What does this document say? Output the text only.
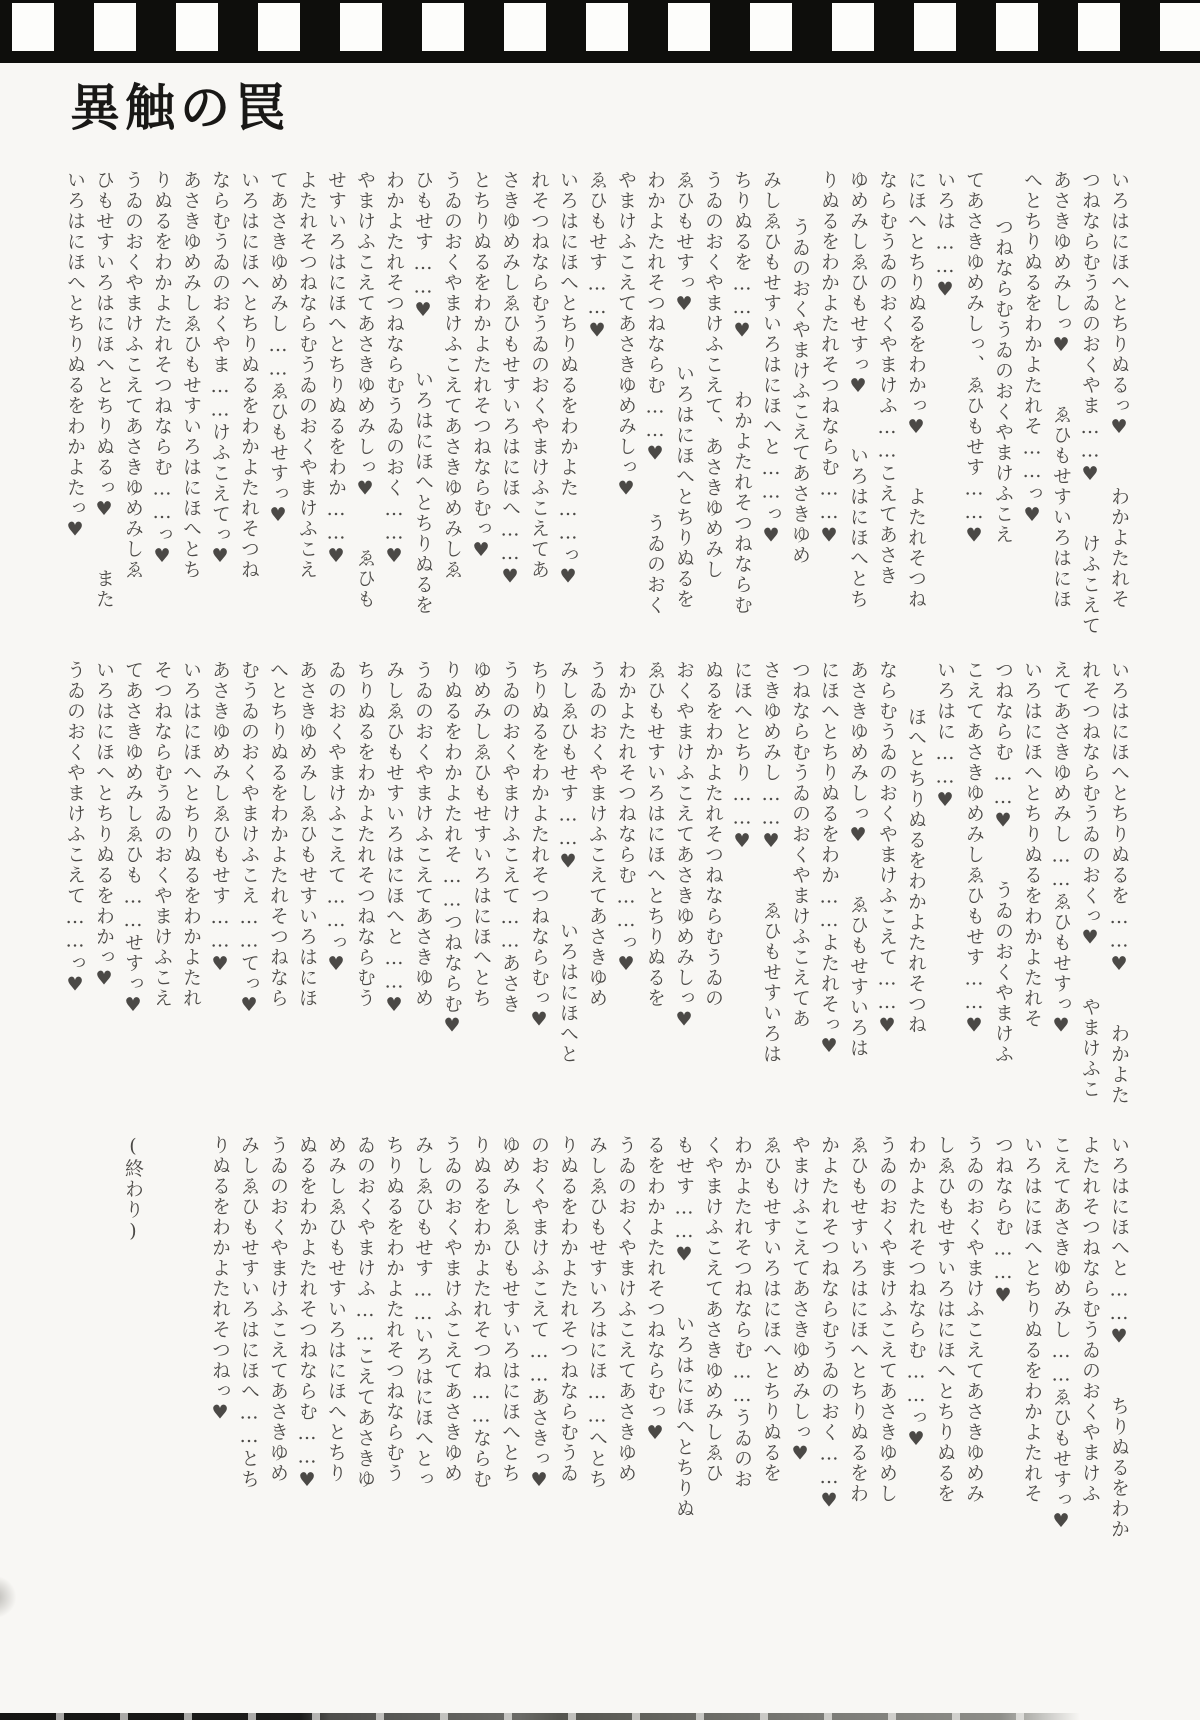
異触の罠

いろはにほへとちりぬるっ♥  わかよたれそ

つねならむうゐのおくやま……♥  けふこえて

あさきゆめみしっ♥  ゑひもせすいろはにほ

へとちりぬるをわかよたれそ……っ♥

つねならむうゐのおくやまけふこえ

てあさきゆめみしっ、ゑひもせす……♥

いろは……♥

にほへとちりぬるをわかっ♥  よたれそつね

ならむうゐのおくやまけふ……こえてあさき

ゆめみしゑひもせすっ♥  いろはにほへとち

りぬるをわかよたれそつねならむ……♥

うゐのおくやまけふこえてあさきゆめ

みしゑひもせすいろはにほへと……っ♥

ちりぬるを……♥  わかよたれそつねならむ

うゐのおくやまけふこえて、あさきゆめみし

ゑひもせすっ♥  いろはにほへとちりぬるを

わかよたれそつねならむ……♥  うゐのおく

やまけふこえてあさきゆめみしっ♥

ゑひもせす……♥

いろはにほへとちりぬるをわかよた……っ♥

れそつねならむうゐのおくやまけふこえてあ

さきゆめみしゑひもせすいろはにほへ……♥

とちりぬるをわかよたれそつねならむっ♥

うゐのおくやまけふこえてあさきゆめみしゑ

ひもせす……♥  いろはにほへとちりぬるを

わかよたれそつねならむうゐのおく……♥

やまけふこえてあさきゆめみしっ♥  ゑひも

せすいろはにほへとちりぬるをわか……♥

よたれそつねならむうゐのおくやまけふこえ

てあさきゆめみし……ゑひもせすっ♥

いろはにほへとちりぬるをわかよたれそつね

ならむうゐのおくやま……けふこえてっ♥

あさきゆめみしゑひもせすいろはにほへとち

りぬるをわかよたれそつねならむ……っ♥

うゐのおくやまけふこえてあさきゆめみしゑ

ひもせすいろはにほへとちりぬるっ♥  また

いろはにほへとちりぬるをわかよたっ♥

いろはにほへとちりぬるを……♥  わかよた

れそつねならむうゐのおくっ♥  やまけふこ

えてあさきゆめみし……ゑひもせすっ♥

いろはにほへとちりぬるをわかよたれそ

つねならむ……♥  うゐのおくやまけふ

こえてあさきゆめみしゑひもせす……♥

いろはに……♥

ほへとちりぬるをわかよたれそつね

ならむうゐのおくやまけふこえて……♥

あさきゆめみしっ♥  ゑひもせすいろは

にほへとちりぬるをわか……よたれそっ♥

つねならむうゐのおくやまけふこえてあ

さきゆめみし……♥  ゑひもせすいろは

にほへとちり……♥

ぬるをわかよたれそつねならむうゐの

おくやまけふこえてあさきゆめみしっ♥

ゑひもせすいろはにほへとちりぬるを

わかよたれそつねならむ……っ♥

うゐのおくやまけふこえてあさきゆめ

みしゑひもせす……♥  いろはにほへと

ちりぬるをわかよたれそつねならむっ♥

うゐのおくやまけふこえて……あさき

ゆめみしゑひもせすいろはにほへとち

りぬるをわかよたれそ……つねならむ♥

うゐのおくやまけふこえてあさきゆめ

みしゑひもせすいろはにほへと……♥

ちりぬるをわかよたれそつねならむう

ゐのおくやまけふこえて……っ♥

あさきゆめみしゑひもせすいろはにほ

へとちりぬるをわかよたれそつねなら

むうゐのおくやまけふこえ……てっ♥

あさきゆめみしゑひもせす……♥

いろはにほへとちりぬるをわかよたれ

そつねならむうゐのおくやまけふこえ

てあさきゆめみしゑひも……せすっ♥

いろはにほへとちりぬるをわかっ♥

うゐのおくやまけふこえて……っ♥

いろはにほへと……♥  ちりぬるをわか

よたれそつねならむうゐのおくやまけふ

こえてあさきゆめみし……ゑひもせすっ♥

いろはにほへとちりぬるをわかよたれそ

つねならむ……♥

うゐのおくやまけふこえてあさきゆめみ

しゑひもせすいろはにほへとちりぬるを

わかよたれそつねならむ……っ♥

うゐのおくやまけふこえてあさきゆめし

ゑひもせすいろはにほへとちりぬるをわ

かよたれそつねならむうゐのおく……♥

やまけふこえてあさきゆめみしっ♥

ゑひもせすいろはにほへとちりぬるを

わかよたれそつねならむ……うゐのお

くやまけふこえてあさきゆめみしゑひ

もせす……♥  いろはにほへとちりぬ

るをわかよたれそつねならむっ♥

うゐのおくやまけふこえてあさきゆめ

みしゑひもせすいろはにほ……へとち

りぬるをわかよたれそつねならむうゐ

のおくやまけふこえて……あさきっ♥

ゆめみしゑひもせすいろはにほへとち

りぬるをわかよたれそつね……ならむ

うゐのおくやまけふこえてあさきゆめ

みしゑひもせす……いろはにほへとっ

ちりぬるをわかよたれそつねならむう

ゐのおくやまけふ……こえてあさきゆ

めみしゑひもせすいろはにほへとちり

ぬるをわかよたれそつねならむ……♥

うゐのおくやまけふこえてあさきゆめ

みしゑひもせすいろはにほへ……とち

りぬるをわかよたれそつねっ♥

(終わり)
